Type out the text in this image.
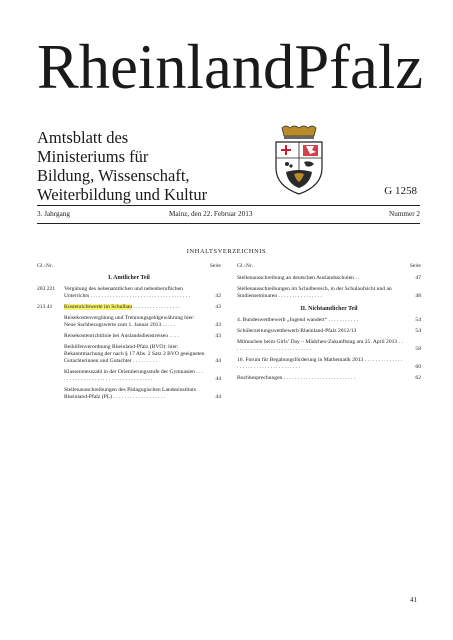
RheinlandPfalz
Amtsblatt des
Ministeriums für
Bildung, Wissenschaft,
Weiterbildung und Kultur	G 1258
3. Jahrgang	Mainz, den 22. Februar 2013	Nummer 2
INHALTSVERZEICHNIS
Gl.-Nr.	Seite
I. Amtlicher Teil
203 221 Vergütung des nebenamtlichen und nebenberuflichen Unterrichts . . . . . . . . . . . . . . . . . . . . . . . . . . . . . . . . . . . .	42
213 41 Kostenrichtwerte im Schulbau . . . . . . . . . . . . . . . . .	43
Reisekostenvergütung und Trennungsgeldgewährung hier: Neue Sachbezugswerte zum 1. Januar 2013 . . . . .	43
Reisekostenrichtlinie bei Auslandsdienstreisen . . . .	43
Beihilfenverordnung Rheinland-Pfalz (BVO): hier: Bekanntmachung der nach § 17 Abs. 2 Satz 2 BVO geeigneten Gutachterinnen und Gutachter . . . . . . . . .	44
Klassenmesszahl in der Orientierungsstufe der Gymnasien . . . . . . . . . . . . . . . . . . . . . . . . . . . . . . . . . . .	44
Stellenausschreibungen des Pädagogischen Landesinstituts Rheinland-Pfalz (PL) . . . . . . . . . . . . . . . . . . .	44
Gl.-Nr.	Seite
Stellenausschreibung an deutschen Auslandsschulen . .	47
Stellenausschreibungen im Schulbereich, in der Schulaufsicht und an Studienseminaren . . . . . . . . . . . . . . . .	48
II. Nichtamtlicher Teil
4. Bundeswettbewerb „Jugend wandert“ . . . . . . . . . . .	54
Schülerzeitungswettbewerb Rheinland-Pfalz 2012/13	54
Mitmachen beim Girls’ Day – Mädchen-Zukunftstag am 25. April 2013 . . . . . . . . . . . . . . . . . . . . . . . . . . . . .	58
16. Forum für Begabungsförderung in Mathematik 2013 . . . . . . . . . . . . . . . . . . . . . . . . . . . . . . . . . . . . .	60
Buchbesprechungen . . . . . . . . . . . . . . . . . . . . . . . . . .	62
41
